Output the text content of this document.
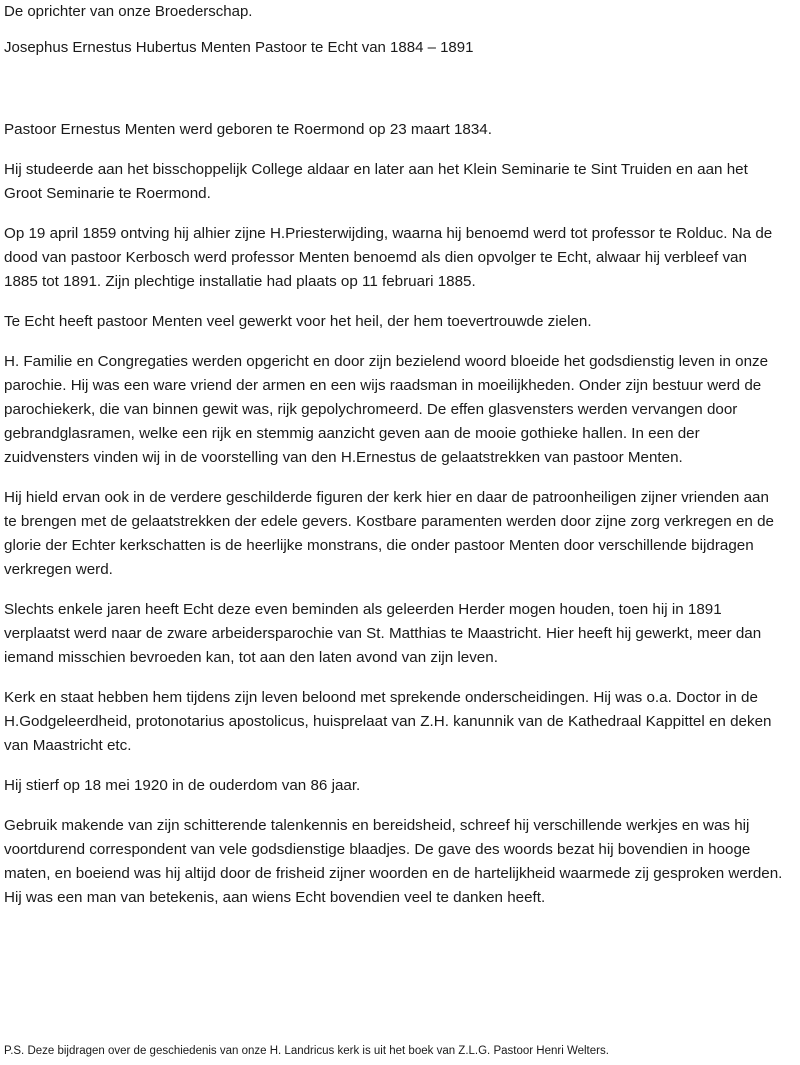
De oprichter van onze Broederschap.
Josephus Ernestus Hubertus Menten Pastoor te Echt van 1884 – 1891

Pastoor Ernestus Menten werd geboren te Roermond op 23 maart 1834.

Hij studeerde aan het bisschoppelijk College aldaar en later aan het Klein Seminarie te Sint Truiden en aan het Groot Seminarie te Roermond.

Op 19 april 1859 ontving hij alhier zijne H.Priesterwijding, waarna hij benoemd werd tot professor te Rolduc. Na de dood van pastoor Kerbosch werd professor Menten benoemd als dien opvolger te Echt, alwaar hij verbleef van 1885 tot 1891. Zijn plechtige installatie had plaats op 11 februari 1885.

Te Echt heeft pastoor Menten veel gewerkt voor het heil, der hem toevertrouwde zielen.

H. Familie en Congregaties werden opgericht en door zijn bezielend woord bloeide het godsdienstig leven in onze parochie. Hij was een ware vriend der armen en een wijs raadsman in moeilijkheden. Onder zijn bestuur werd de parochiekerk, die van binnen gewit was, rijk gepolychromeerd. De effen glasvensters werden vervangen door gebrandglasramen, welke een rijk en stemmig aanzicht geven aan de mooie gothieke hallen. In een der zuidvensters vinden wij in de voorstelling van den H.Ernestus de gelaatstrekken van pastoor Menten.

Hij hield ervan ook in de verdere geschilderde figuren der kerk hier en daar de patroonheiligen zijner vrienden aan te brengen met de gelaatstrekken der edele gevers. Kostbare paramenten werden door zijne zorg verkregen en de glorie der Echter kerkschatten is de heerlijke monstrans, die onder pastoor Menten door verschillende bijdragen verkregen werd.

Slechts enkele jaren heeft Echt deze even beminden als geleerden Herder mogen houden, toen hij in 1891 verplaatst werd naar de zware arbeidersparochie van St. Matthias te Maastricht. Hier heeft hij gewerkt, meer dan iemand misschien bevroeden kan, tot aan den laten avond van zijn leven.

Kerk en staat hebben hem tijdens zijn leven beloond met sprekende onderscheidingen. Hij was o.a. Doctor in de H.Godgeleerdheid, protonotarius apostolicus, huisprelaat van Z.H. kanunnik van de Kathedraal Kappittel en deken van Maastricht etc.

Hij stierf op 18 mei 1920 in de ouderdom van 86 jaar.

Gebruik makende van zijn schitterende talenkennis en bereidsheid, schreef hij verschillende werkjes en was hij voortdurend correspondent van vele godsdienstige blaadjes. De gave des woords bezat hij bovendien in hooge maten, en boeiend was hij altijd door de frisheid zijner woorden en de hartelijkheid waarmede zij gesproken werden. Hij was een man van betekenis, aan wiens Echt bovendien veel te danken heeft.

P.S. Deze bijdragen over de geschiedenis van onze H. Landricus kerk is uit het boek van Z.L.G. Pastoor Henri Welters.
